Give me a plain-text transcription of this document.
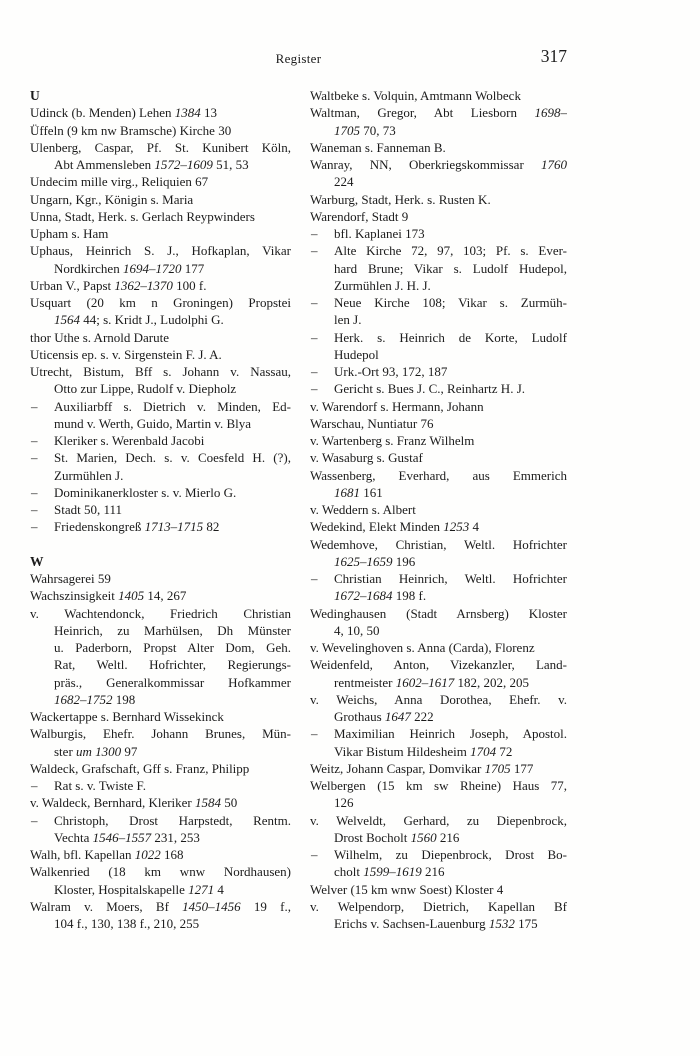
Register	317
U
Udinck (b. Menden) Lehen 1384 13
Üffeln (9 km nw Bramsche) Kirche 30
Ulenberg, Caspar, Pf. St. Kunibert Köln,
Abt Ammensleben 1572–1609 51, 53
Undecim mille virg., Reliquien 67
Ungarn, Kgr., Königin s. Maria
Unna, Stadt, Herk. s. Gerlach Reypwinders
Upham s. Ham
Uphaus, Heinrich S. J., Hofkaplan, Vikar
Nordkirchen 1694–1720 177
Urban V., Papst 1362–1370 100 f.
Usquart (20 km n Groningen) Propstei
1564 44; s. Kridt J., Ludolphi G.
thor Uthe s. Arnold Darute
Uticensis ep. s. v. Sirgenstein F. J. A.
Utrecht, Bistum, Bff s. Johann v. Nassau,
Otto zur Lippe, Rudolf v. Diepholz
– Auxiliarbff s. Dietrich v. Minden, Ed-
mund v. Werth, Guido, Martin v. Blya
– Kleriker s. Werenbald Jacobi
– St. Marien, Dech. s. v. Coesfeld H. (?),
Zurmühlen J.
– Dominikanerkloster s. v. Mierlo G.
– Stadt 50, 111
– Friedenskongreß 1713–1715 82
W
Wahrsagerei 59
Wachszinsigkeit 1405 14, 267
v. Wachtendonck, Friedrich Christian
Heinrich, zu Marhülsen, Dh Münster
u. Paderborn, Propst Alter Dom, Geh.
Rat, Weltl. Hofrichter, Regierungs-
präs., Generalkommissar Hofkammer
1682–1752 198
Wackertappe s. Bernhard Wissekinck
Walburgis, Ehefr. Johann Brunes, Mün-
ster um 1300 97
Waldeck, Grafschaft, Gff s. Franz, Philipp
– Rat s. v. Twiste F.
v. Waldeck, Bernhard, Kleriker 1584 50
– Christoph, Drost Harpstedt, Rentm.
Vechta 1546–1557 231, 253
Walh, bfl. Kapellan 1022 168
Walkenried (18 km wnw Nordhausen)
Kloster, Hospitalskapelle 1271 4
Walram v. Moers, Bf 1450–1456 19 f.,
104 f., 130, 138 f., 210, 255
Waltbeke s. Volquin, Amtmann Wolbeck
Waltman, Gregor, Abt Liesborn 1698–
1705 70, 73
Waneman s. Fanneman B.
Wanray, NN, Oberkriegskommissar 1760
224
Warburg, Stadt, Herk. s. Rusten K.
Warendorf, Stadt 9
– bfl. Kaplanei 173
– Alte Kirche 72, 97, 103; Pf. s. Ever-
hard Brune; Vikar s. Ludolf Hudepol,
Zurmühlen J. H. J.
– Neue Kirche 108; Vikar s. Zurmüh-
len J.
– Herk. s. Heinrich de Korte, Ludolf
Hudepol
– Urk.-Ort 93, 172, 187
– Gericht s. Bues J. C., Reinhartz H. J.
v. Warendorf s. Hermann, Johann
Warschau, Nuntiatur 76
v. Wartenberg s. Franz Wilhelm
v. Wasaburg s. Gustaf
Wassenberg, Everhard, aus Emmerich
1681 161
v. Weddern s. Albert
Wedekind, Elekt Minden 1253 4
Wedemhove, Christian, Weltl. Hofrichter
1625–1659 196
– Christian Heinrich, Weltl. Hofrichter
1672–1684 198 f.
Wedinghausen (Stadt Arnsberg) Kloster
4, 10, 50
v. Wevelinghoven s. Anna (Carda), Florenz
Weidenfeld, Anton, Vizekanzler, Land-
rentmeister 1602–1617 182, 202, 205
v. Weichs, Anna Dorothea, Ehefr. v.
Grothaus 1647 222
– Maximilian Heinrich Joseph, Apostol.
Vikar Bistum Hildesheim 1704 72
Weitz, Johann Caspar, Domvikar 1705 177
Welbergen (15 km sw Rheine) Haus 77,
126
v. Welveldt, Gerhard, zu Diepenbrock,
Drost Bocholt 1560 216
– Wilhelm, zu Diepenbrock, Drost Bo-
cholt 1599–1619 216
Welver (15 km wnw Soest) Kloster 4
v. Welpendorp, Dietrich, Kapellan Bf
Erichs v. Sachsen-Lauenburg 1532 175
